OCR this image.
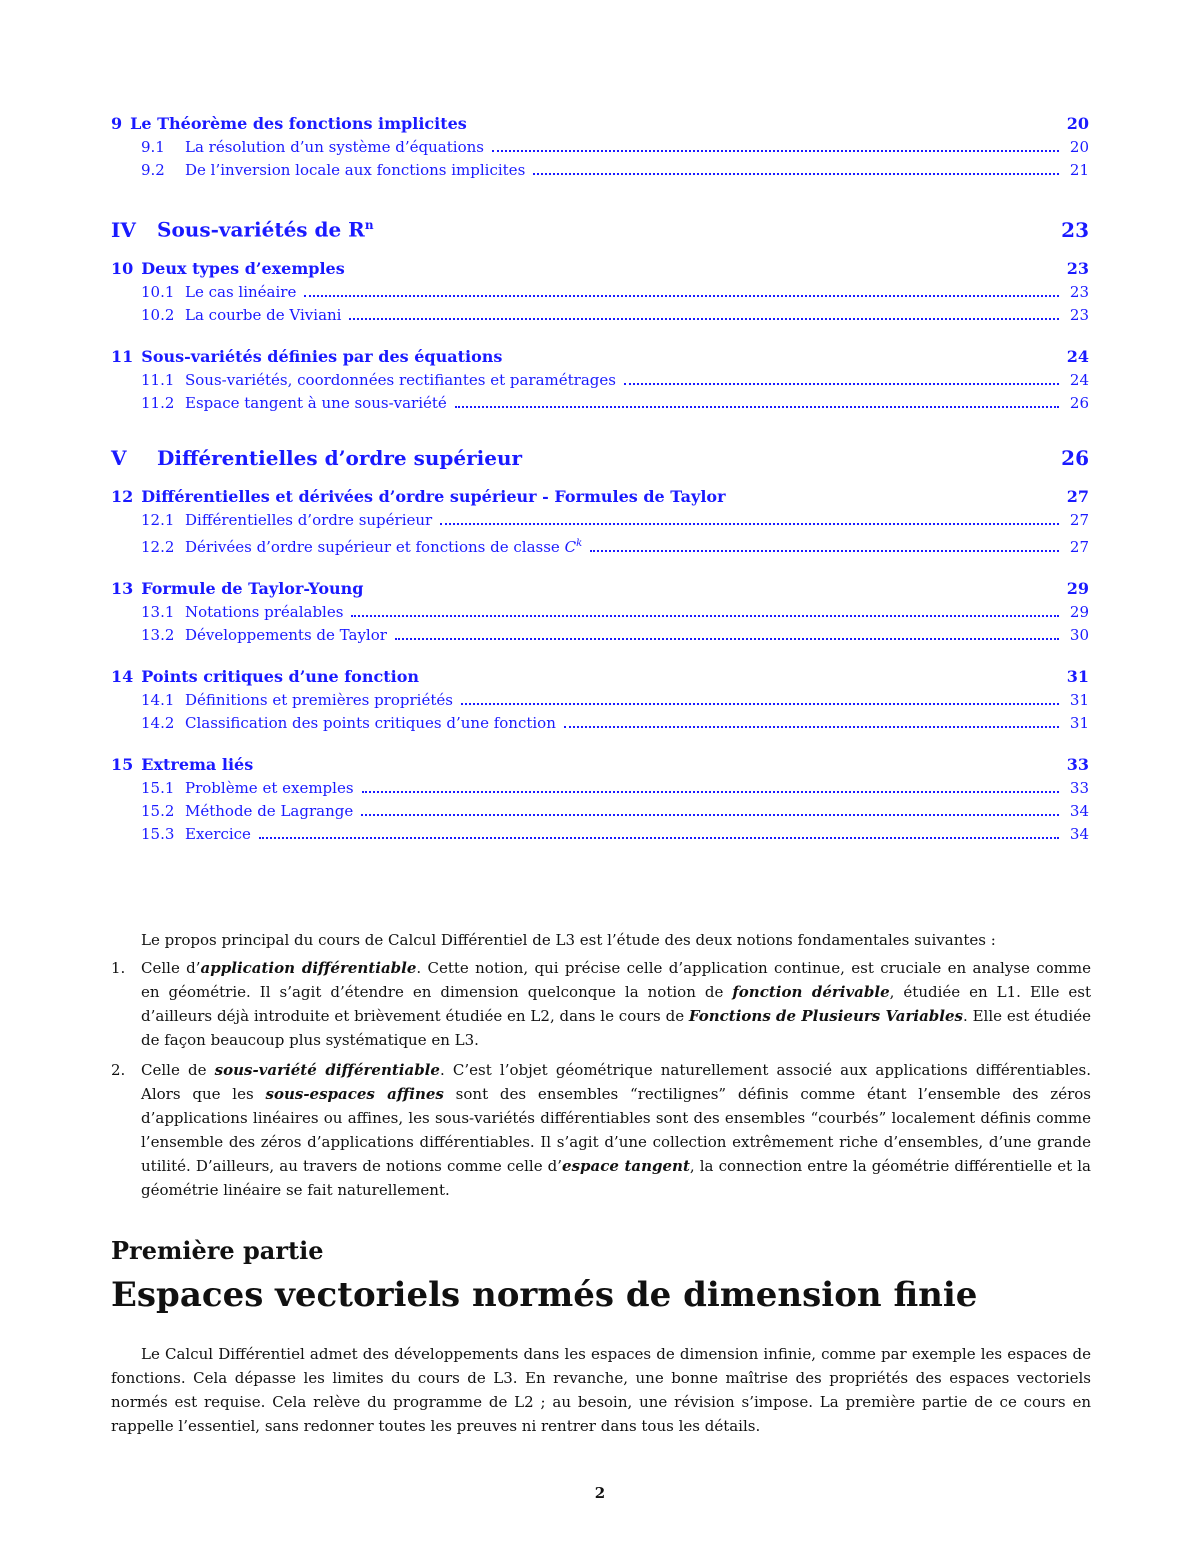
9 Le Théorème des fonctions implicites	20
9.1	La résolution d’un système d’équations	20
9.2	De l’inversion locale aux fonctions implicites	21
IV	Sous-variétés de $R^n$	23
10 Deux types d’exemples	23
10.1 Le cas linéaire	23
10.2 La courbe de Viviani	23
11 Sous-variétés définies par des équations	24
11.1 Sous-variétés, coordonnées rectifiantes et paramétrages	24
11.2 Espace tangent à une sous-variété	26
V	Différentielles d’ordre supérieur	26
12 Différentielles et dérivées d’ordre supérieur - Formules de Taylor	27
12.1 Différentielles d’ordre supérieur	27
12.2 Dérivées d’ordre supérieur et fonctions de classe $C^k$	27
13 Formule de Taylor-Young	29
13.1 Notations préalables	29
13.2 Développements de Taylor	30
14 Points critiques d’une fonction	31
14.1 Définitions et premières propriétés	31
14.2 Classification des points critiques d’une fonction	31
15 Extrema liés	33
15.1 Problème et exemples	33
15.2 Méthode de Lagrange	34
15.3 Exercice	34

Le propos principal du cours de Calcul Différentiel de L3 est l’étude des deux notions fondamentales suivantes :

1.	Celle d’application différentiable. Cette notion, qui précise celle d’application continue, est cruciale en analyse comme en géométrie. Il s’agit d’étendre en dimension quelconque la notion de fonction dérivable, étudiée en L1. Elle est d’ailleurs déjà introduite et brièvement étudiée en L2, dans le cours de Fonctions de Plusieurs Variables. Elle est étudiée de façon beaucoup plus systématique en L3.
2.	Celle de sous-variété différentiable. C’est l’objet géométrique naturellement associé aux applications différentiables. Alors que les sous-espaces affines sont des ensembles “rectilignes” définis comme étant l’ensemble des zéros d’applications linéaires ou affines, les sous-variétés différentiables sont des ensembles “courbés” localement définis comme l’ensemble des zéros d’applications différentiables. Il s’agit d’une collection extrêmement riche d’ensembles, d’une grande utilité. D’ailleurs, au travers de notions comme celle d’espace tangent, la connection entre la géométrie différentielle et la géométrie linéaire se fait naturellement.
Première partie
Espaces vectoriels normés de dimension finie

Le Calcul Différentiel admet des développements dans les espaces de dimension infinie, comme par exemple les espaces de fonctions. Cela dépasse les limites du cours de L3. En revanche, une bonne maîtrise des propriétés des espaces vectoriels normés est requise. Cela relève du programme de L2 ; au besoin, une révision s’impose. La première partie de ce cours en rappelle l’essentiel, sans redonner toutes les preuves ni rentrer dans tous les détails.

2
